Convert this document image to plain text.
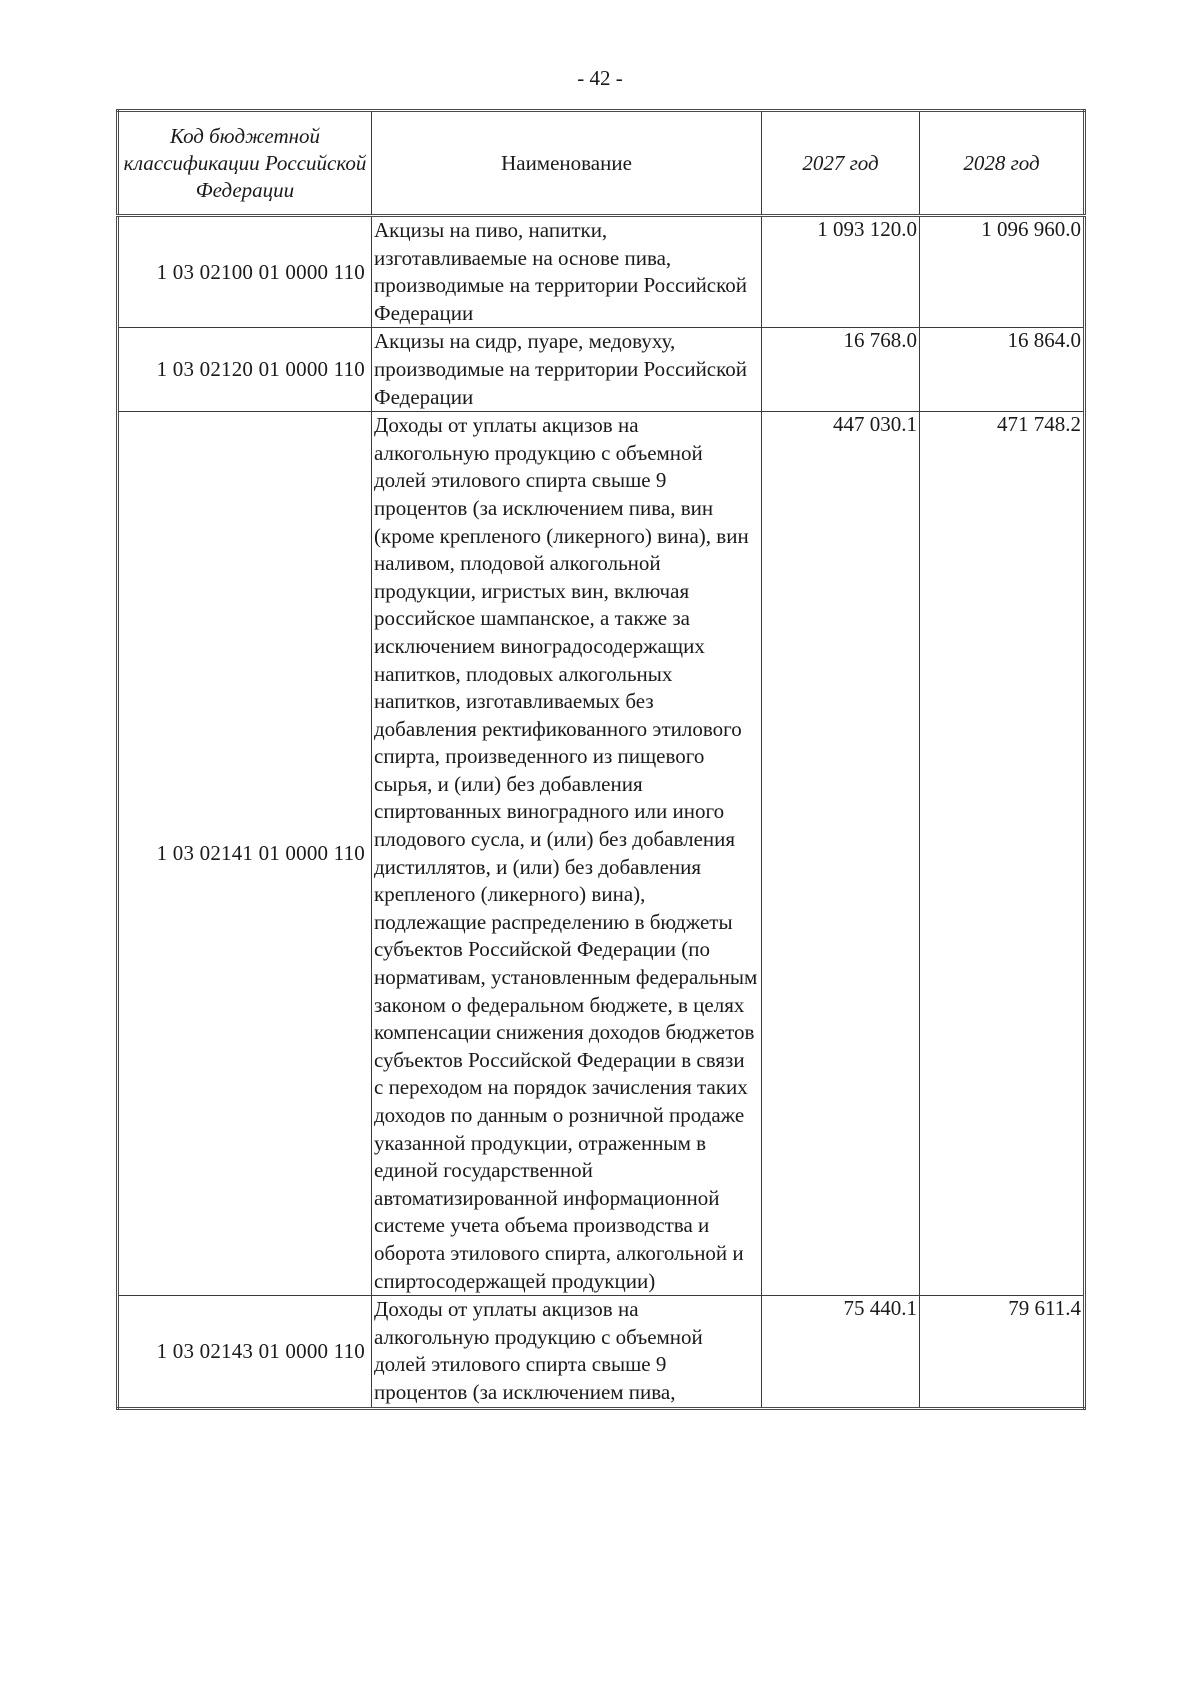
- 42 -
Код бюджетной классификации Российской Федерации	Наименование	2027 год	2028 год
1 03 02100 01 0000 110	Акцизы на пиво, напитки, изготавливаемые на основе пива, производимые на территории Российской Федерации	1 093 120.0	1 096 960.0
1 03 02120 01 0000 110	Акцизы на сидр, пуаре, медовуху, производимые на территории Российской Федерации	16 768.0	16 864.0
1 03 02141 01 0000 110	Доходы от уплаты акцизов на алкогольную продукцию с объемной долей этилового спирта свыше 9 процентов (за исключением пива, вин (кроме крепленого (ликерного) вина), вин наливом, плодовой алкогольной продукции, игристых вин, включая российское шампанское, а также за исключением виноградосодержащих напитков, плодовых алкогольных напитков, изготавливаемых без добавления ректификованного этилового спирта, произведенного из пищевого сырья, и (или) без добавления спиртованных виноградного или иного плодового сусла, и (или) без добавления дистиллятов, и (или) без добавления крепленого (ликерного) вина), подлежащие распределению в бюджеты субъектов Российской Федерации (по нормативам, установленным федеральным законом о федеральном бюджете, в целях компенсации снижения доходов бюджетов субъектов Российской Федерации в связи с переходом на порядок зачисления таких доходов по данным о розничной продаже указанной продукции, отраженным в единой государственной автоматизированной информационной системе учета объема производства и оборота этилового спирта, алкогольной и спиртосодержащей продукции)	447 030.1	471 748.2
1 03 02143 01 0000 110	Доходы от уплаты акцизов на алкогольную продукцию с объемной долей этилового спирта свыше 9 процентов (за исключением пива,	75 440.1	79 611.4
